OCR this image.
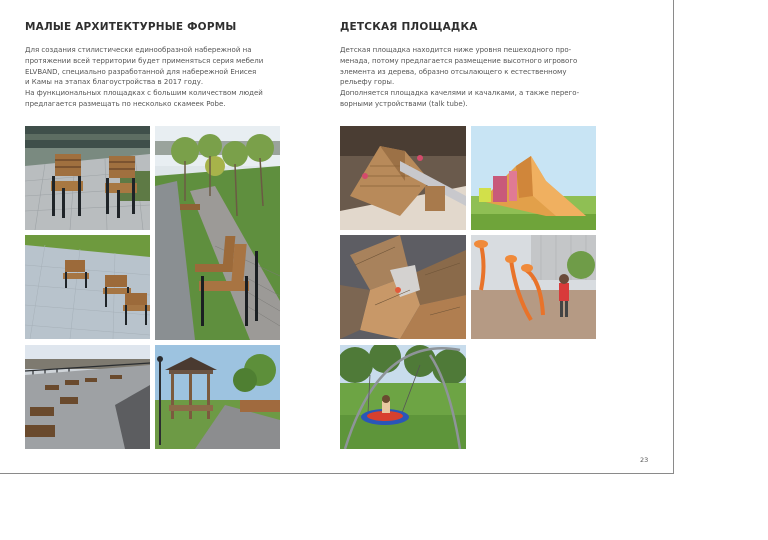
МАЛЫЕ АРХИТЕКТУРНЫЕ ФОРМЫ
Для создания стилистически единообразной набережной на
протяжении всей территории будет применяться серия мебели
ELVBAND, специально разработанной для набережной Енисея
и Камы на этапах благоустройства в 2017 году.
На функциональных площадках с большим количеством людей
предлагается размещать по несколько скамеек Pobe.
ДЕТСКАЯ ПЛОЩАДКА
Детская площадка находится ниже уровня пешеходного про-
менада, потому предлагается размещение высотного игрового
элемента из дерева, образно отсылающего к естественному
рельефу горы.
Дополняется площадка качелями и качалками, а также перего-
ворными устройствами (talk tube).
23
